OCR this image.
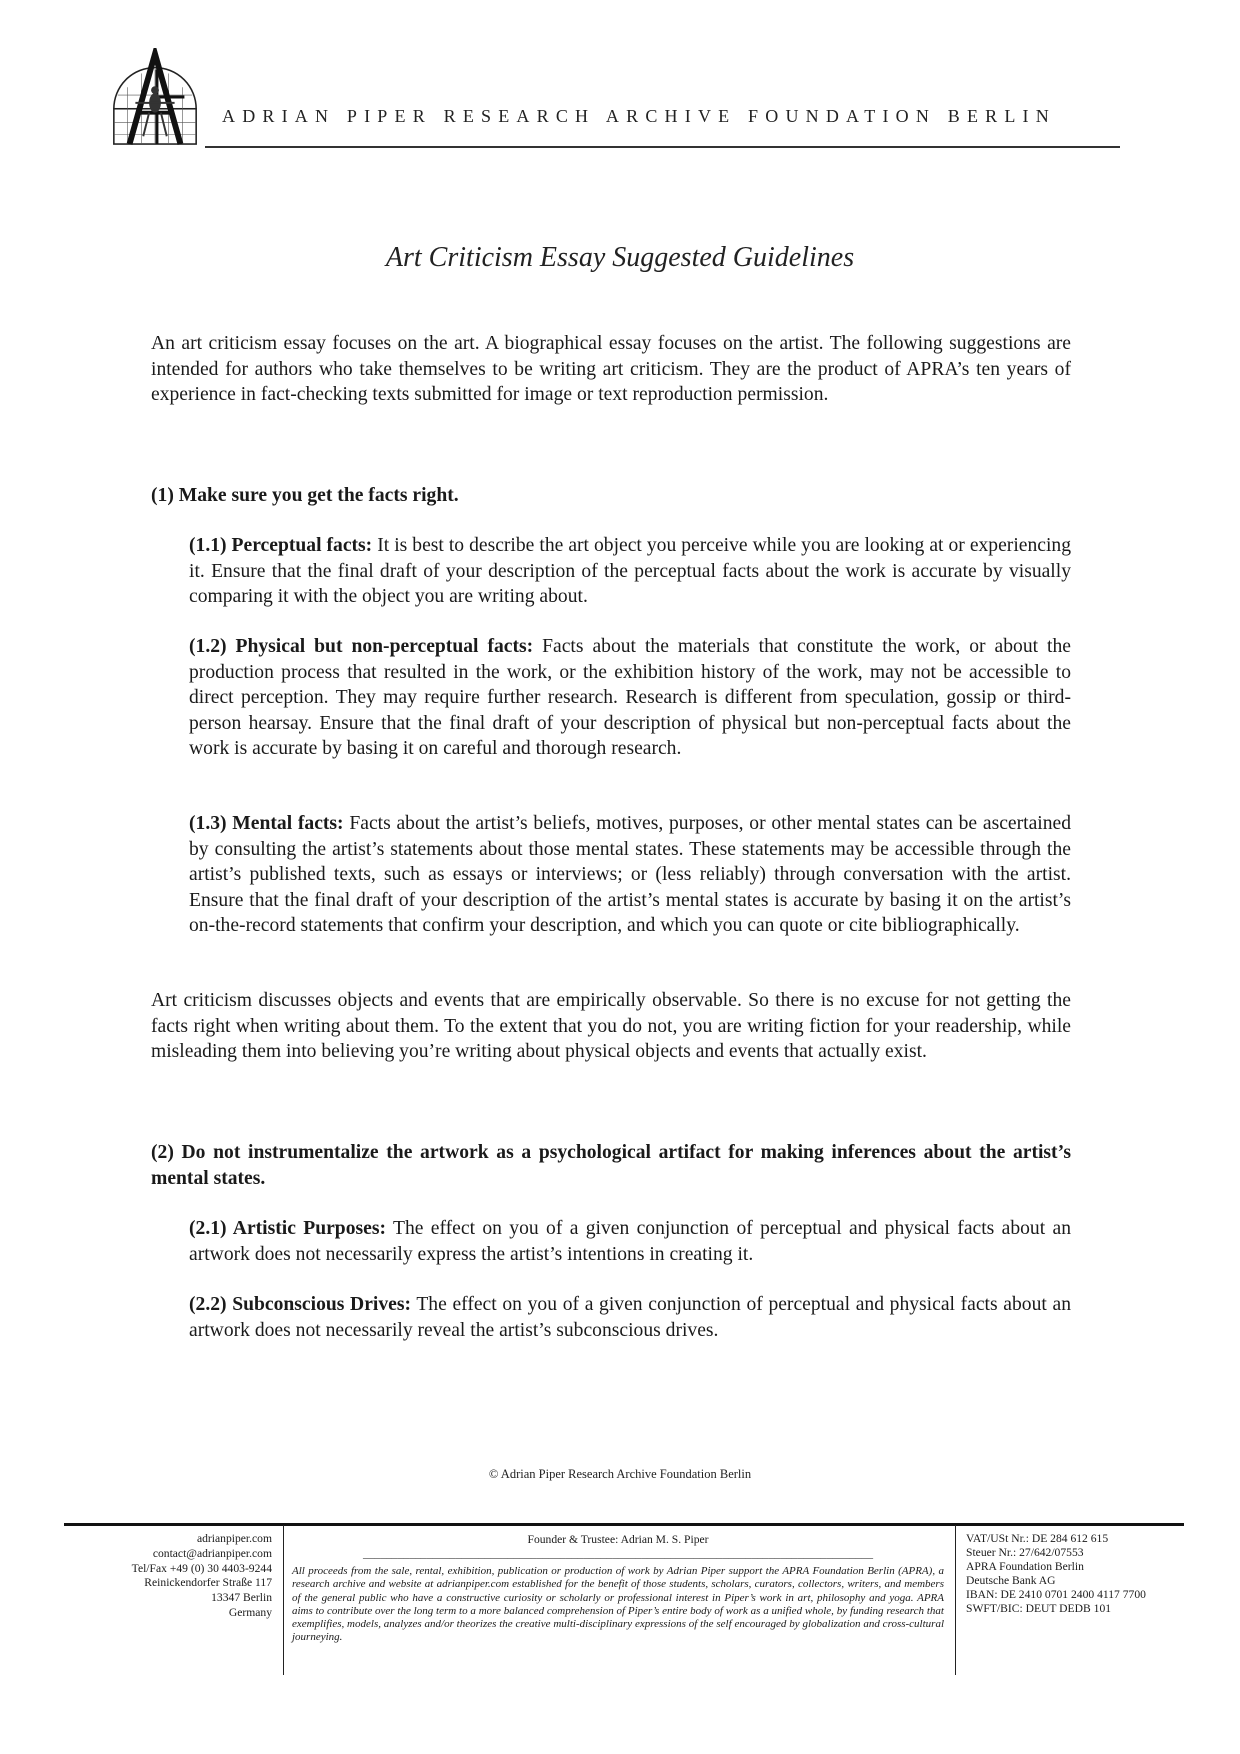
ADRIAN PIPER RESEARCH ARCHIVE FOUNDATION BERLIN
Art Criticism Essay Suggested Guidelines
An art criticism essay focuses on the art. A biographical essay focuses on the artist. The following suggestions are intended for authors who take themselves to be writing art criticism. They are the product of APRA’s ten years of experience in fact-checking texts submitted for image or text reproduction permission.
(1) Make sure you get the facts right.
(1.1) Perceptual facts: It is best to describe the art object you perceive while you are looking at or experiencing it. Ensure that the final draft of your description of the perceptual facts about the work is accurate by visually comparing it with the object you are writing about.
(1.2) Physical but non-perceptual facts: Facts about the materials that constitute the work, or about the production process that resulted in the work, or the exhibition history of the work, may not be accessible to direct perception. They may require further research. Research is different from speculation, gossip or third-person hearsay. Ensure that the final draft of your description of physical but non-perceptual facts about the work is accurate by basing it on careful and thorough research.
(1.3) Mental facts: Facts about the artist’s beliefs, motives, purposes, or other mental states can be ascertained by consulting the artist’s statements about those mental states. These statements may be accessible through the artist’s published texts, such as essays or interviews; or (less reliably) through conversation with the artist. Ensure that the final draft of your description of the artist’s mental states is accurate by basing it on the artist’s on-the-record statements that confirm your description, and which you can quote or cite bibliographically.
Art criticism discusses objects and events that are empirically observable. So there is no excuse for not getting the facts right when writing about them. To the extent that you do not, you are writing fiction for your readership, while misleading them into believing you’re writing about physical objects and events that actually exist.
(2) Do not instrumentalize the artwork as a psychological artifact for making inferences about the artist’s mental states.
(2.1) Artistic Purposes: The effect on you of a given conjunction of perceptual and physical facts about an artwork does not necessarily express the artist’s intentions in creating it.
(2.2) Subconscious Drives: The effect on you of a given conjunction of perceptual and physical facts about an artwork does not necessarily reveal the artist’s subconscious drives.
© Adrian Piper Research Archive Foundation Berlin
adrianpiper.com
contact@adrianpiper.com
Tel/Fax +49 (0) 30 4403-9244
Reinickendorfer Straße 117
13347 Berlin
Germany
Founder & Trustee: Adrian M. S. Piper
________________________________________________________________________________________
All proceeds from the sale, rental, exhibition, publication or production of work by Adrian Piper support the APRA Foundation Berlin (APRA), a research archive and website at adrianpiper.com established for the benefit of those students, scholars, curators, collectors, writers, and members of the general public who have a constructive curiosity or scholarly or professional interest in Piper’s work in art, philosophy and yoga. APRA aims to contribute over the long term to a more balanced comprehension of Piper’s entire body of work as a unified whole, by funding research that exemplifies, models, analyzes and/or theorizes the creative multi-disciplinary expressions of the self encouraged by globalization and cross-cultural journeying.
VAT/USt Nr.: DE 284 612 615
Steuer Nr.: 27/642/07553
APRA Foundation Berlin
Deutsche Bank AG
IBAN: DE 2410 0701 2400 4117 7700
SWFT/BIC: DEUT DEDB 101
